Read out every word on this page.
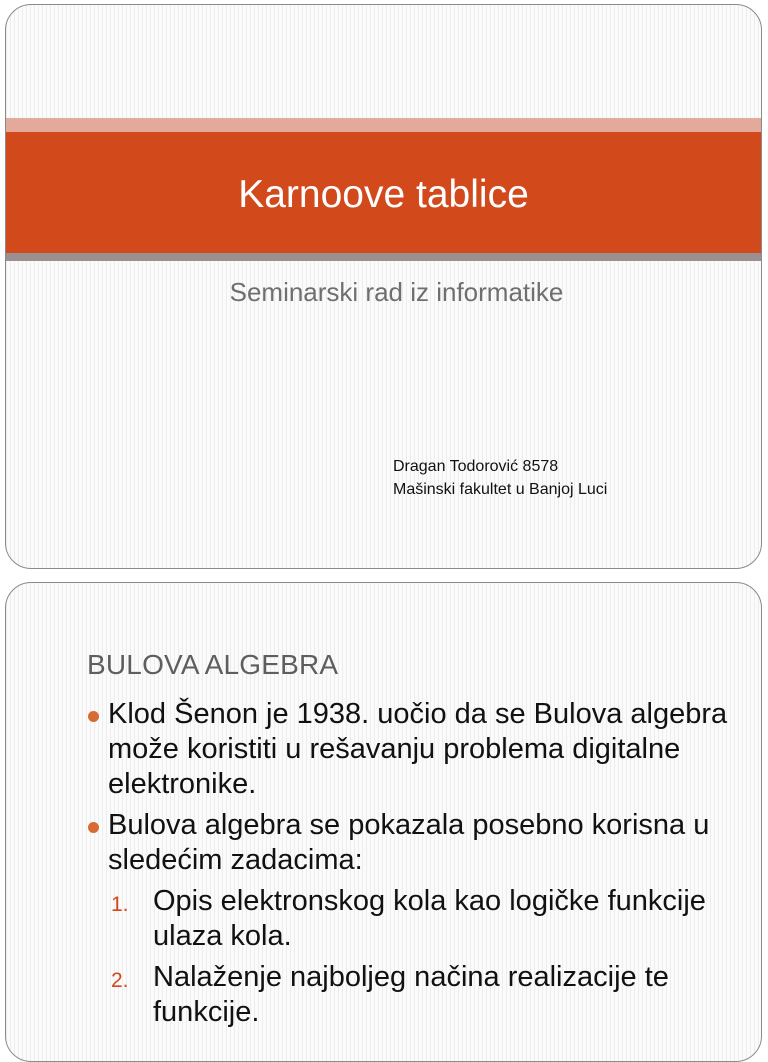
Karnoove tablice
Seminarski rad iz informatike
Dragan Todorović 8578
Mašinski fakultet u Banjoj Luci
BULOVA ALGEBRA
Klod Šenon je 1938. uočio da se Bulova algebra može koristiti u rešavanju problema digitalne elektronike.
Bulova algebra se pokazala posebno korisna u sledećim zadacima:
1. Opis elektronskog kola kao logičke funkcije ulaza kola.
2. Nalaženje najboljeg načina realizacije te funkcije.
